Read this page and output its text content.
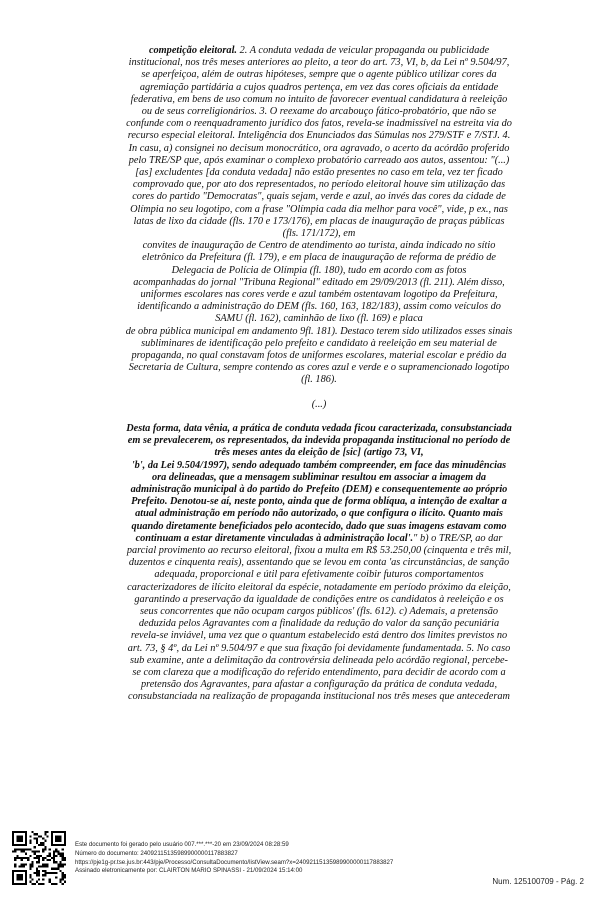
competição eleitoral. 2. A conduta vedada de veicular propaganda ou publicidade
institucional, nos três meses anteriores ao pleito, a teor do art. 73, VI, b, da Lei nº 9.504/97,
se aperfeiçoa, além de outras hipóteses, sempre que o agente público utilizar cores da
agremiação partidária a cujos quadros pertença, em vez das cores oficiais da entidade
federativa, em bens de uso comum no intuito de favorecer eventual candidatura à reeleição
ou de seus correligionários. 3. O reexame do arcabouço fático-probatório, que não se
confunde com o reenquadramento jurídico dos fatos, revela-se inadmissível na estreita via do
recurso especial eleitoral. Inteligência dos Enunciados das Súmulas nos 279/STF e 7/STJ. 4.
In casu, a) consignei no decisum monocrático, ora agravado, o acerto da acórdão proferido
pelo TRE/SP que, após examinar o complexo probatório carreado aos autos, assentou: "(...)
[as] excludentes [da conduta vedada] não estão presentes no caso em tela, vez ter ficado
comprovado que, por ato dos representados, no período eleitoral houve sim utilização das
cores do partido "Democratas", quais sejam, verde e azul, ao invés das cores da cidade de
Olímpia no seu logotipo, com a frase "Olímpia cada dia melhor para você", vide, p ex., nas
latas de lixo da cidade (fls. 170 e 173/176), em placas de inauguração de praças públicas
(fls. 171/172), em
convites de inauguração de Centro de atendimento ao turista, ainda indicado no sítio
eletrônico da Prefeitura (fl. 179), e em placa de inauguração de reforma de prédio de
Delegacia de Polícia de Olímpia (fl. 180), tudo em acordo com as fotos
acompanhadas do jornal "Tribuna Regional" editado em 29/09/2013 (fl. 211). Além disso,
uniformes escolares nas cores verde e azul também ostentavam logotipo da Prefeitura,
identificando a administração do DEM (fls. 160, 163, 182/183), assim como veículos do
SAMU (fl. 162), caminhão de lixo (fl. 169) e placa
de obra pública municipal em andamento 9fl. 181). Destaco terem sido utilizados esses sinais
subliminares de identificação pelo prefeito e candidato à reeleição em seu material de
propaganda, no qual constavam fotos de uniformes escolares, material escolar e prédio da
Secretaria de Cultura, sempre contendo as cores azul e verde e o supramencionado logotipo
(fl. 186).
(...)
Desta forma, data vênia, a prática de conduta vedada ficou caracterizada, consubstanciada
em se prevalecerem, os representados, da indevida propaganda institucional no período de
três meses antes da eleição de [sic] (artigo 73, VI,
'b', da Lei 9.504/1997), sendo adequado também compreender, em face das minudências
ora delineadas, que a mensagem subliminar resultou em associar a imagem da
administração municipal à do partido do Prefeito (DEM) e consequentemente ao próprio
Prefeito. Denotou-se aí, neste ponto, ainda que de forma oblíqua, a intenção de exaltar a
atual administração em período não autorizado, o que configura o ilícito. Quanto mais
quando diretamente beneficiados pelo acontecido, dado que suas imagens estavam como
continuam a estar diretamente vinculadas à administração local'." b) o TRE/SP, ao dar
parcial provimento ao recurso eleitoral, fixou a multa em R$ 53.250,00 (cinquenta e três mil,
duzentos e cinquenta reais), assentando que se levou em conta 'as circunstâncias, de sanção
adequada, proporcional e útil para efetivamente coibir futuros comportamentos
caracterizadores de ilícito eleitoral da espécie, notadamente em período próximo da eleição,
garantindo a preservação da igualdade de condições entre os candidatos à reeleição e os
seus concorrentes que não ocupam cargos públicos' (fls. 612). c) Ademais, a pretensão
deduzida pelos Agravantes com a finalidade da redução do valor da sanção pecuniária
revela-se inviável, uma vez que o quantum estabelecido está dentro dos limites previstos no
art. 73, § 4º, da Lei nº 9.504/97 e que sua fixação foi devidamente fundamentada. 5. No caso
sub examine, ante a delimitação da controvérsia delineada pelo acórdão regional, percebe-
se com clareza que a modificação do referido entendimento, para decidir de acordo com a
pretensão dos Agravantes, para afastar a configuração da prática de conduta vedada,
consubstanciada na realização de propaganda institucional nos três meses que antecederam
Este documento foi gerado pelo usuário 007.***.***-20 em 23/09/2024 08:28:59
Número do documento: 24092115135989900000117883827
https://pje1g-pr.tse.jus.br:443/pje/Processo/ConsultaDocumento/listView.seam?x=24092115135989900000117883827
Assinado eletronicamente por: CLAIRTON MARIO SPINASSI - 21/09/2024 15:14:00
Num. 125100709 - Pág. 2
